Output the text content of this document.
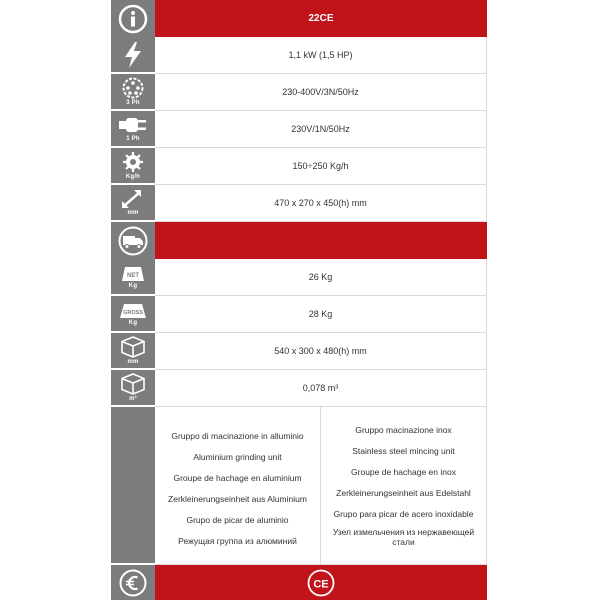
22CE
1,1 kW (1,5 HP)
3 Ph
230-400V/3N/50Hz
1 Ph
230V/1N/50Hz
Kg/h
150÷250 Kg/h
mm
470 x 270 x 450(h) mm
NET
Kg
26 Kg
GROSS
Kg
28 Kg
mm
540 x 300 x 480(h) mm
m³
0,078 m³
Gruppo di macinazione in alluminio
Aluminium grinding unit
Groupe de hachage en aluminium
Zerkleinerungseinheit aus Aluminium
Grupo de picar de aluminio
Режущая группа из алюминий
Gruppo macinazione inox
Stainless steel mincing unit
Groupe de hachage en inox
Zerkleinerungseinheit aus Edelstahl
Grupo para picar de acero inoxidable
Узел измельчения из нержавеющей стали
CE
